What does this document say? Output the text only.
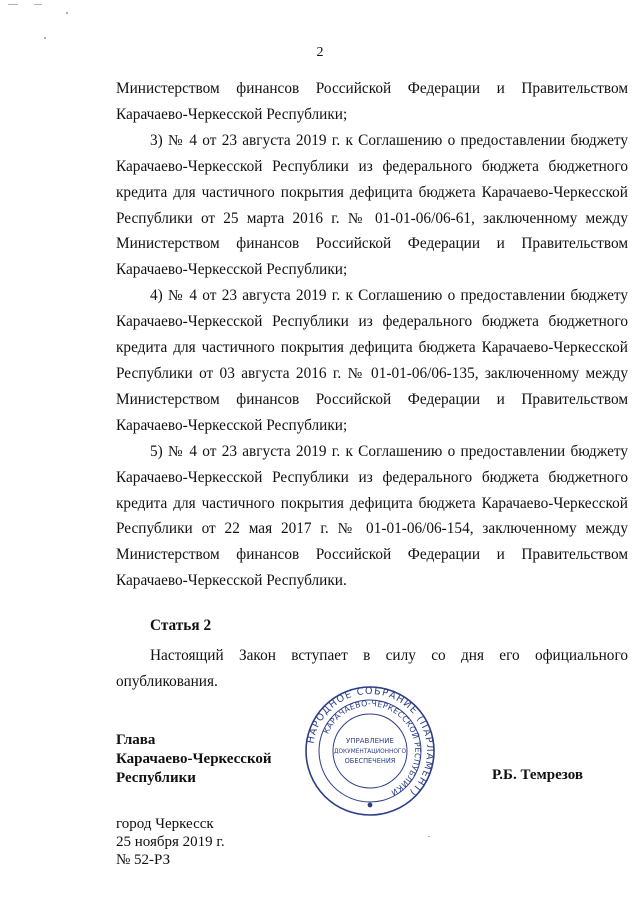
2

Министерством финансов Российской Федерации и Правительством Карачаево-Черкесской Республики;

3) № 4 от 23 августа 2019 г. к Соглашению о предоставлении бюджету Карачаево-Черкесской Республики из федерального бюджета бюджетного кредита для частичного покрытия дефицита бюджета Карачаево-Черкесской Республики от 25 марта 2016 г. № 01-01-06/06-61, заключенному между Министерством финансов Российской Федерации и Правительством Карачаево-Черкесской Республики;

4) № 4 от 23 августа 2019 г. к Соглашению о предоставлении бюджету Карачаево-Черкесской Республики из федерального бюджета бюджетного кредита для частичного покрытия дефицита бюджета Карачаево-Черкесской Республики от 03 августа 2016 г. № 01-01-06/06-135, заключенному между Министерством финансов Российской Федерации и Правительством Карачаево-Черкесской Республики;

5) № 4 от 23 августа 2019 г. к Соглашению о предоставлении бюджету Карачаево-Черкесской Республики из федерального бюджета бюджетного кредита для частичного покрытия дефицита бюджета Карачаево-Черкесской Республики от 22 мая 2017 г. № 01-01-06/06-154, заключенному между Министерством финансов Российской Федерации и Правительством Карачаево-Черкесской Республики.

Статья 2

Настоящий Закон вступает в силу со дня его официального опубликования.

Глава
Карачаево-Черкесской
Республики
НАРОДНОЕ СОБРАНИЕ (ПАРЛАМЕНТ)
КАРАЧАЕВО-ЧЕРКЕССКОЙ РЕСПУБЛИКИ
УПРАВЛЕНИЕ
ДОКУМЕНТАЦИОННОГО
ОБЕСПЕЧЕНИЯ
Р.Б. Темрезов
город Черкесск
25 ноября 2019 г.
№ 52-РЗ
